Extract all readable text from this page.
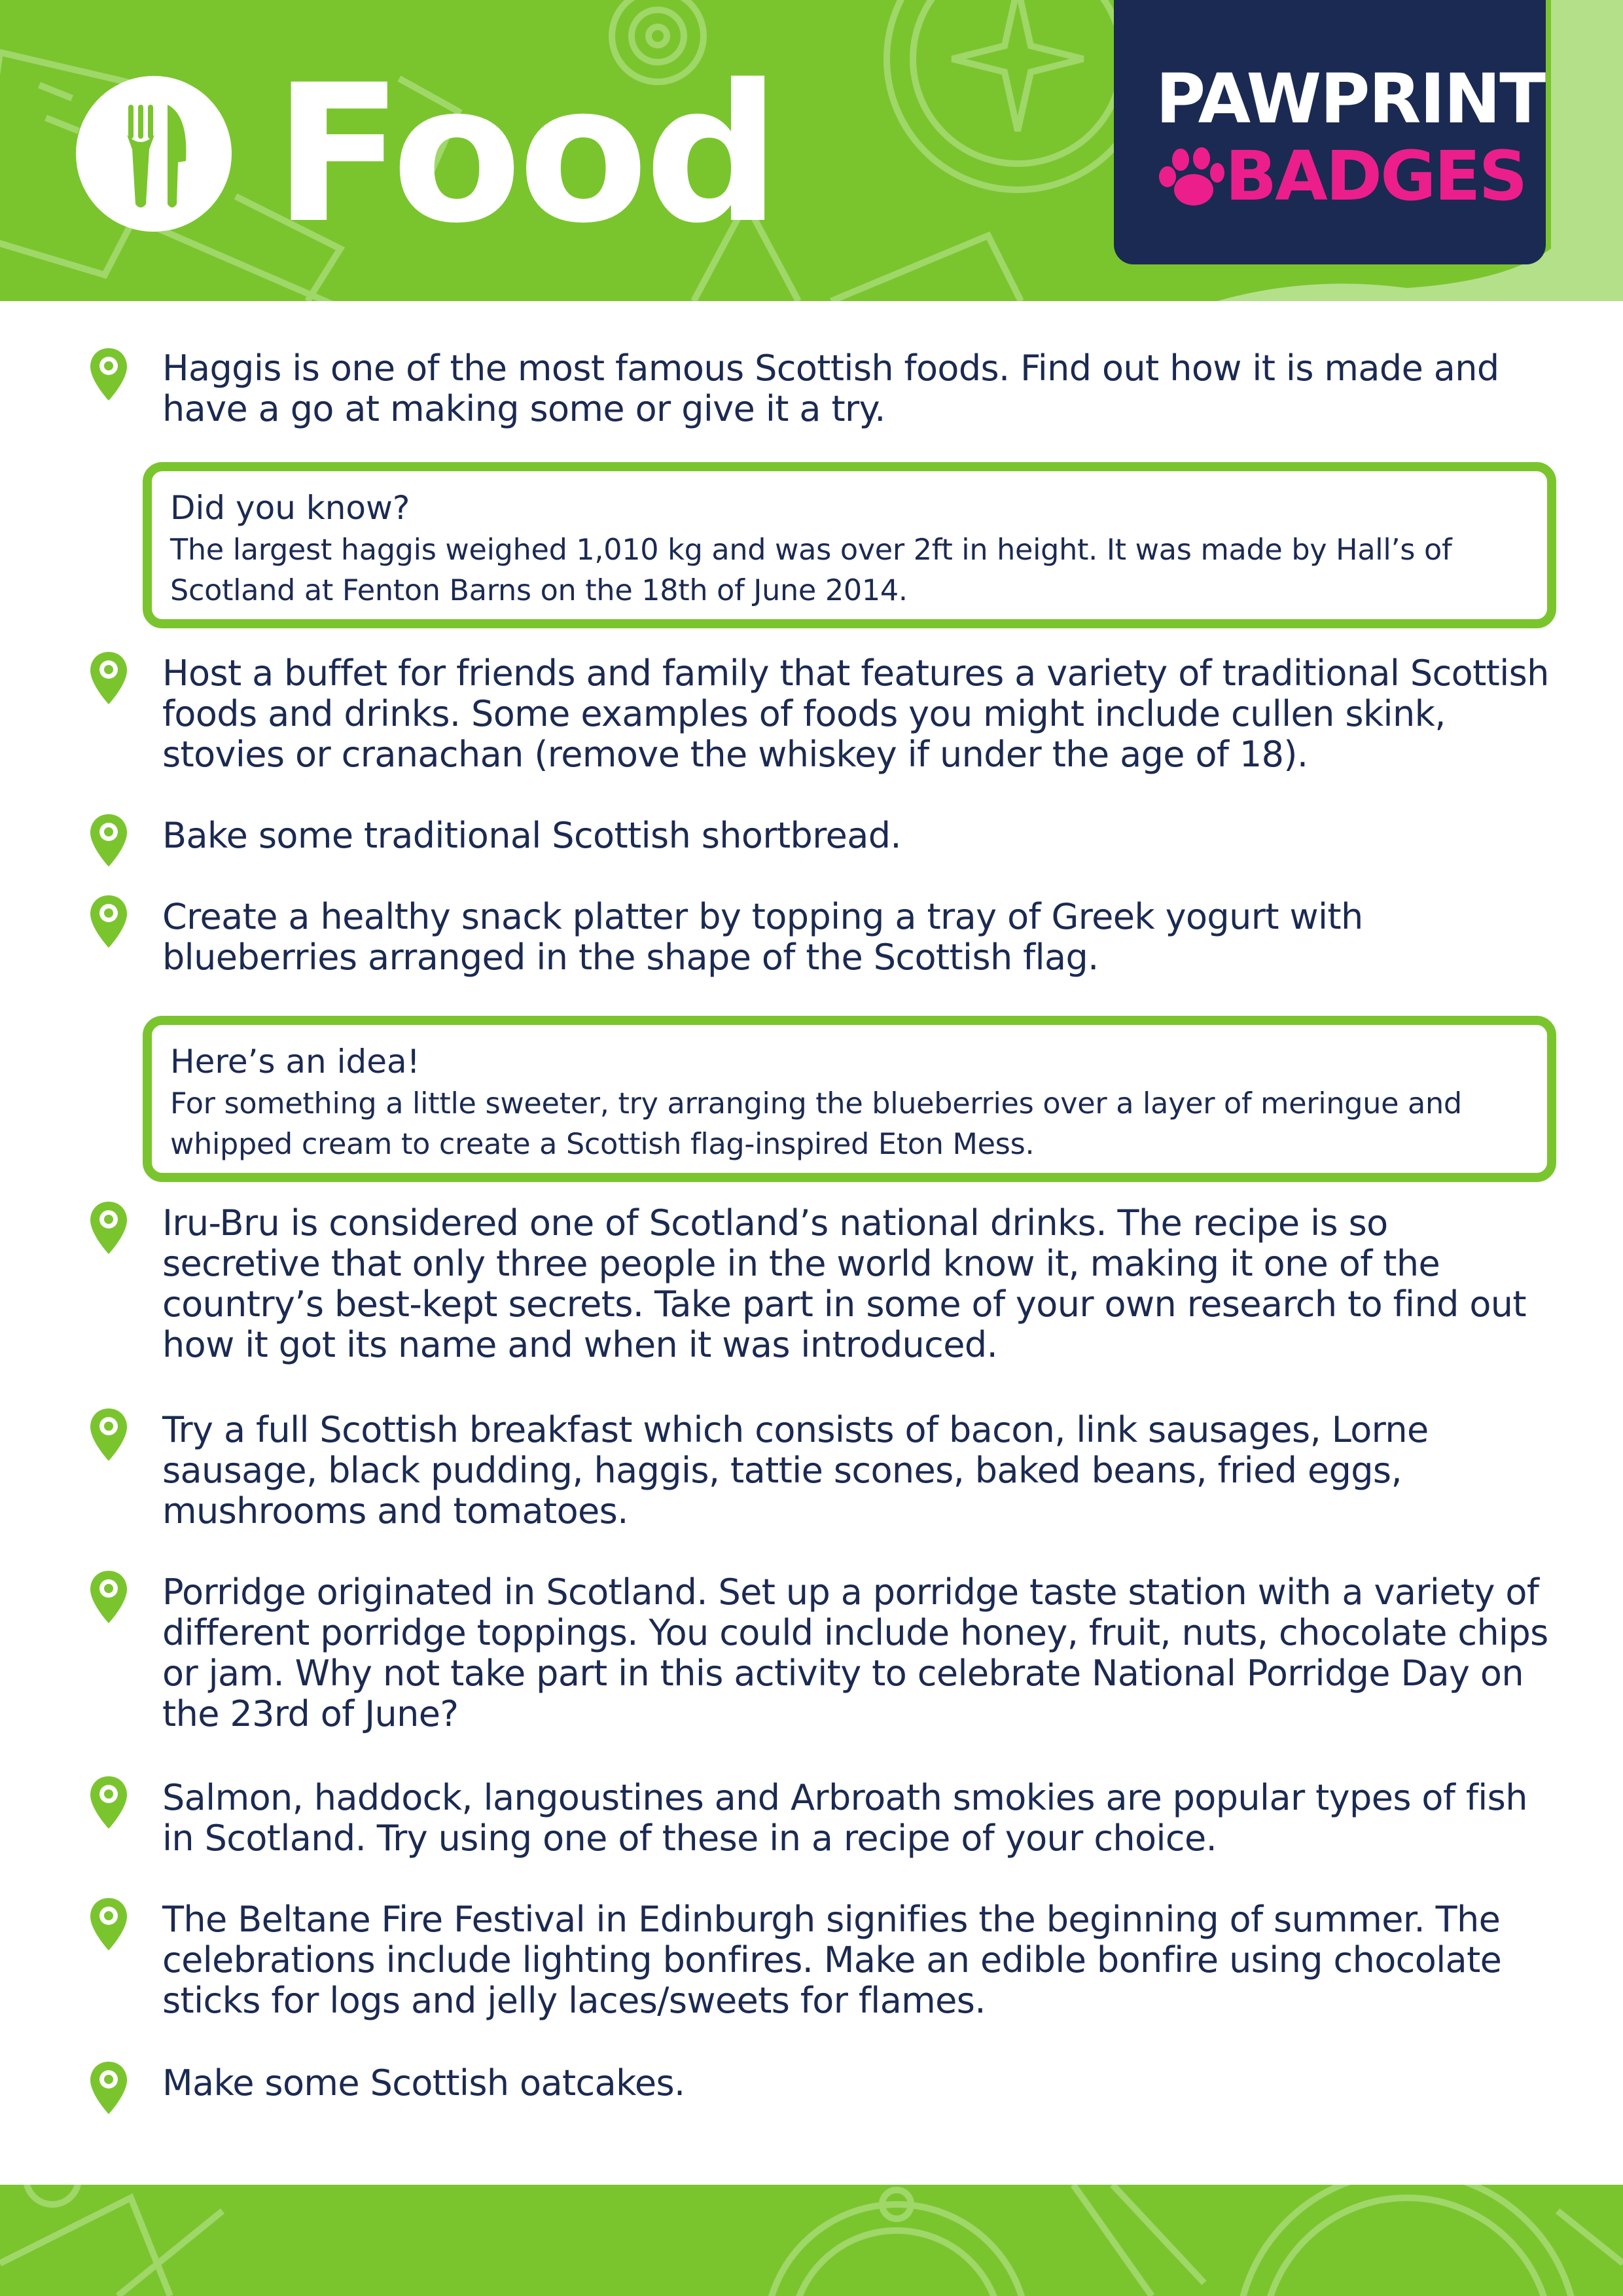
Food	PAWPRINT
BADGES
Haggis is one of the most famous Scottish foods. Find out how it is made and have a go at making some or give it a try.
Did you know?
The largest haggis weighed 1,010 kg and was over 2ft in height. It was made by Hall’s of Scotland at Fenton Barns on the 18th of June 2014.
Host a buffet for friends and family that features a variety of traditional Scottish foods and drinks. Some examples of foods you might include cullen skink, stovies or cranachan (remove the whiskey if under the age of 18).
Bake some traditional Scottish shortbread.
Create a healthy snack platter by topping a tray of Greek yogurt with blueberries arranged in the shape of the Scottish flag.
Here’s an idea!
For something a little sweeter, try arranging the blueberries over a layer of meringue and whipped cream to create a Scottish flag-inspired Eton Mess.
Iru-Bru is considered one of Scotland’s national drinks. The recipe is so secretive that only three people in the world know it, making it one of the country’s best-kept secrets. Take part in some of your own research to find out how it got its name and when it was introduced.
Try a full Scottish breakfast which consists of bacon, link sausages, Lorne sausage, black pudding, haggis, tattie scones, baked beans, fried eggs, mushrooms and tomatoes.
Porridge originated in Scotland. Set up a porridge taste station with a variety of different porridge toppings. You could include honey, fruit, nuts, chocolate chips or jam. Why not take part in this activity to celebrate National Porridge Day on the 23rd of June?
Salmon, haddock, langoustines and Arbroath smokies are popular types of fish in Scotland. Try using one of these in a recipe of your choice.
The Beltane Fire Festival in Edinburgh signifies the beginning of summer. The celebrations include lighting bonfires. Make an edible bonfire using chocolate sticks for logs and jelly laces/sweets for flames.
Make some Scottish oatcakes.
